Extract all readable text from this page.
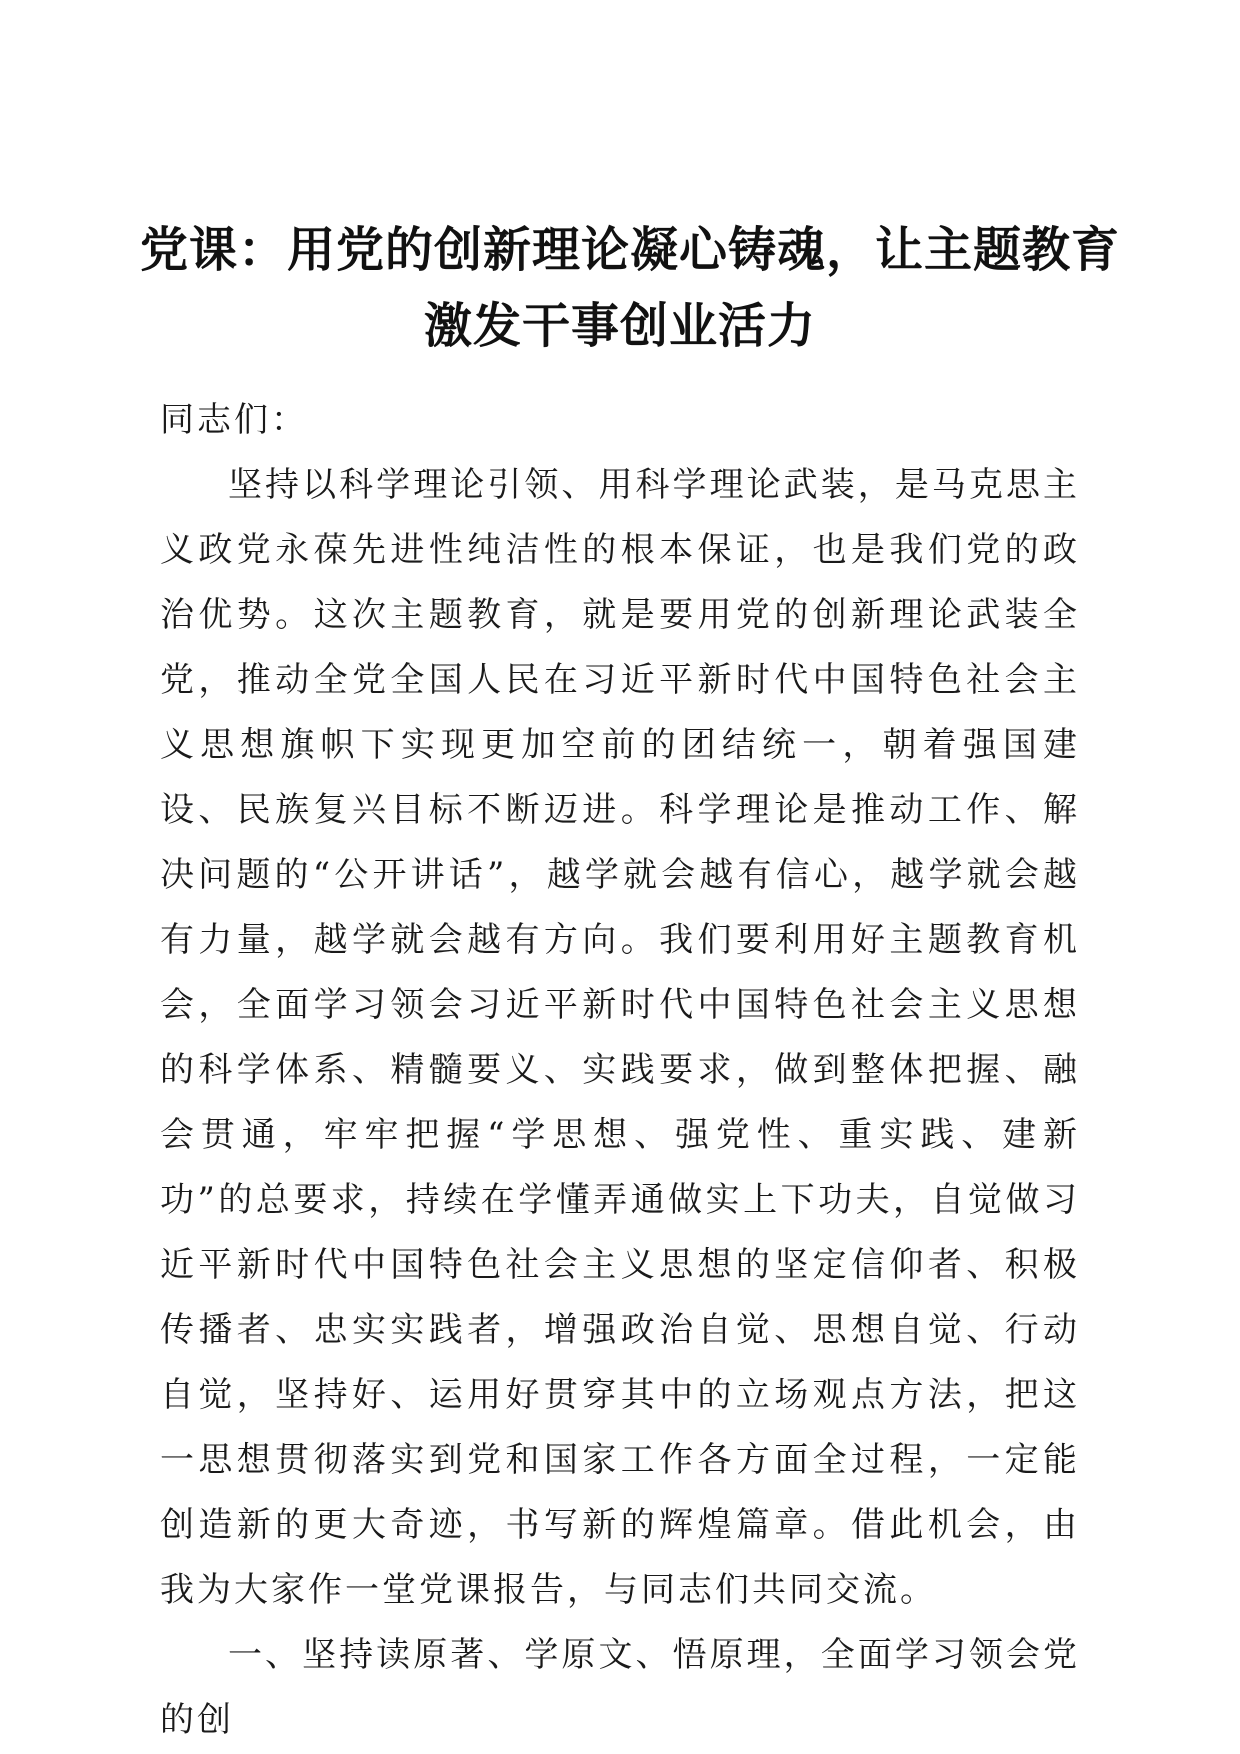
党课：用党的创新理论凝心铸魂，让主题教育
激发干事创业活力

同志们：

坚持以科学理论引领、用科学理论武装，是马克思主义政党永葆先进性纯洁性的根本保证，也是我们党的政治优势。这次主题教育，就是要用党的创新理论武装全党，推动全党全国人民在习近平新时代中国特色社会主义思想旗帜下实现更加空前的团结统一，朝着强国建设、民族复兴目标不断迈进。科学理论是推动工作、解决问题的“公开讲话”，越学就会越有信心，越学就会越有力量，越学就会越有方向。我们要利用好主题教育机会，全面学习领会习近平新时代中国特色社会主义思想的科学体系、精髓要义、实践要求，做到整体把握、融会贯通，牢牢把握“学思想、强党性、重实践、建新功”的总要求，持续在学懂弄通做实上下功夫，自觉做习近平新时代中国特色社会主义思想的坚定信仰者、积极传播者、忠实实践者，增强政治自觉、思想自觉、行动自觉，坚持好、运用好贯穿其中的立场观点方法，把这一思想贯彻落实到党和国家工作各方面全过程，一定能创造新的更大奇迹，书写新的辉煌篇章。借此机会，由我为大家作一堂党课报告，与同志们共同交流。

一、坚持读原著、学原文、悟原理，全面学习领会党的创
